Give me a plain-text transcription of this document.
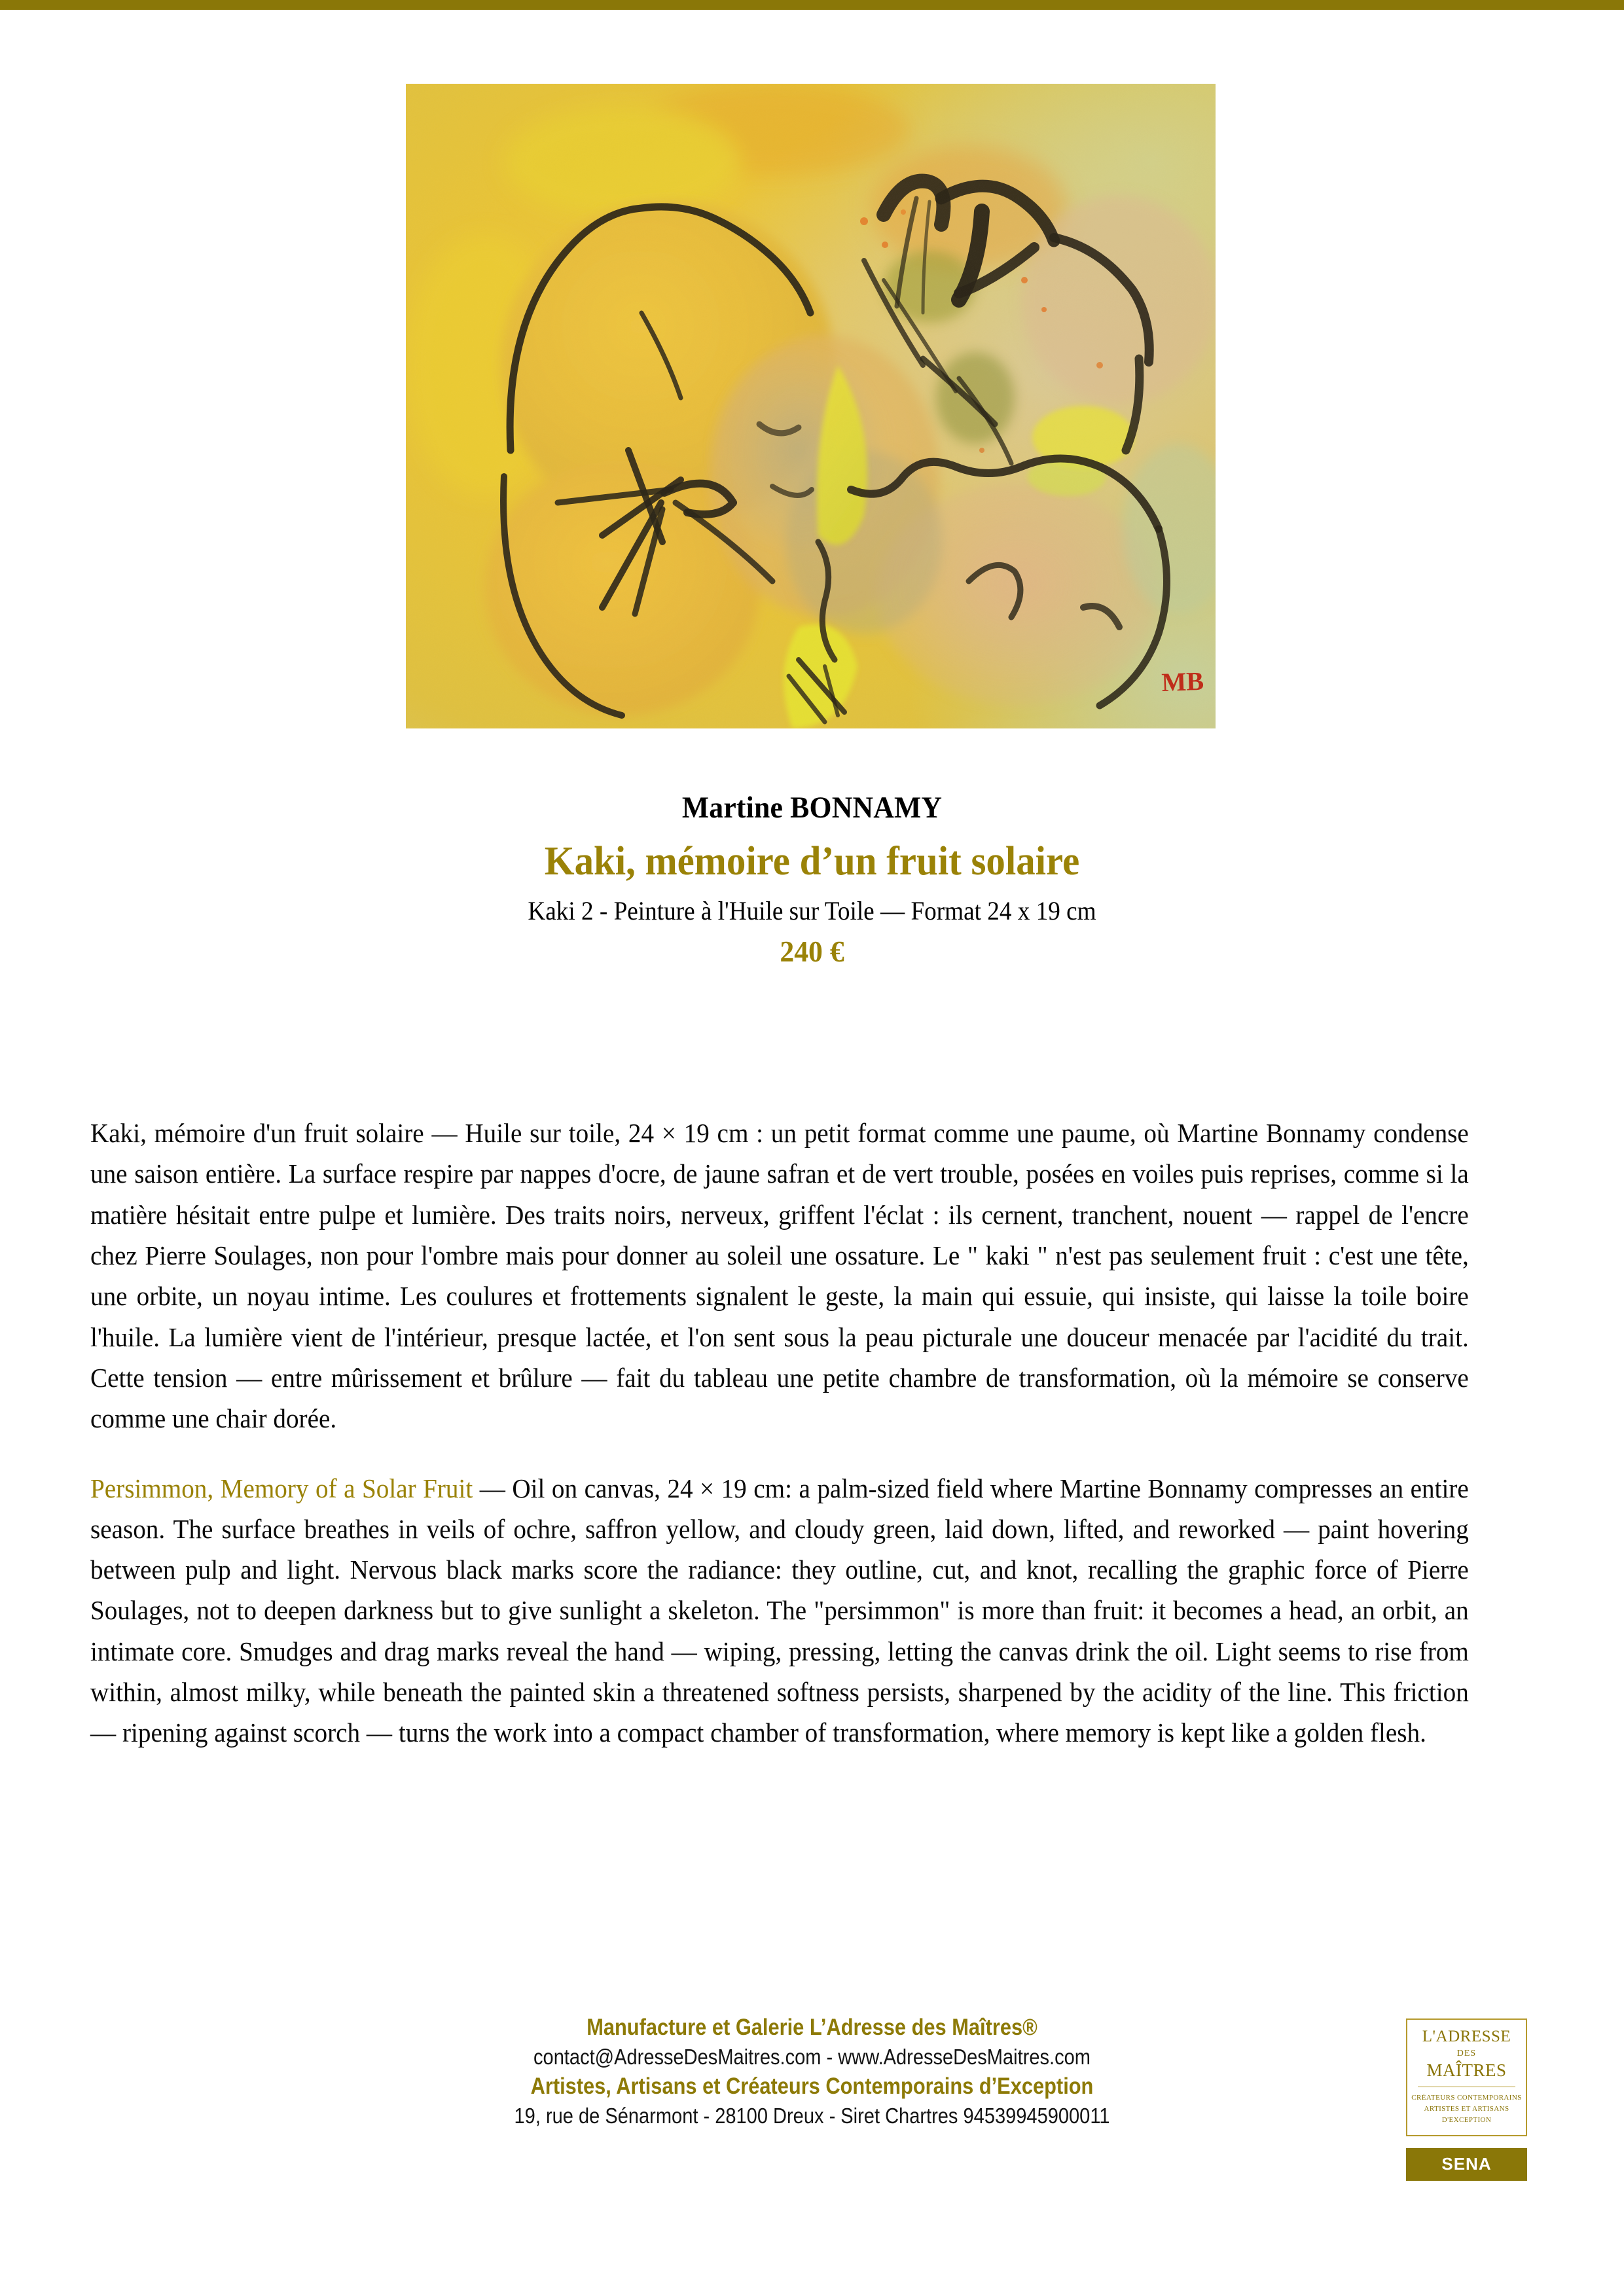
Martine BONNAMY
Kaki, mémoire d’un fruit solaire
Kaki 2 - Peinture à l'Huile sur Toile — Format 24 x 19 cm
240 €

Kaki, mémoire d'un fruit solaire — Huile sur toile, 24 × 19 cm : un petit format comme une paume, où Martine Bonnamy condense une saison entière. La surface respire par nappes d'ocre, de jaune safran et de vert trouble, posées en voiles puis reprises, comme si la matière hésitait entre pulpe et lumière. Des traits noirs, nerveux, griffent l'éclat : ils cernent, tranchent, nouent — rappel de l'encre chez Pierre Soulages, non pour l'ombre mais pour donner au soleil une ossature. Le " kaki " n'est pas seulement fruit : c'est une tête, une orbite, un noyau intime. Les coulures et frottements signalent le geste, la main qui essuie, qui insiste, qui laisse la toile boire l'huile. La lumière vient de l'intérieur, presque lactée, et l'on sent sous la peau picturale une douceur menacée par l'acidité du trait. Cette tension — entre mûrissement et brûlure — fait du tableau une petite chambre de transformation, où la mémoire se conserve comme une chair dorée.

Persimmon, Memory of a Solar Fruit — Oil on canvas, 24 × 19 cm: a palm-sized field where Martine Bonnamy compresses an entire season. The surface breathes in veils of ochre, saffron yellow, and cloudy green, laid down, lifted, and reworked — paint hovering between pulp and light. Nervous black marks score the radiance: they outline, cut, and knot, recalling the graphic force of Pierre Soulages, not to deepen darkness but to give sunlight a skeleton. The "persimmon" is more than fruit: it becomes a head, an orbit, an intimate core. Smudges and drag marks reveal the hand — wiping, pressing, letting the canvas drink the oil. Light seems to rise from within, almost milky, while beneath the painted skin a threatened softness persists, sharpened by the acidity of the line. This friction — ripening against scorch — turns the work into a compact chamber of transformation, where memory is kept like a golden flesh.

Manufacture et Galerie L’Adresse des Maîtres®
contact@AdresseDesMaitres.com - www.AdresseDesMaitres.com
Artistes, Artisans et Créateurs Contemporains d’Exception
19, rue de Sénarmont - 28100 Dreux - Siret Chartres 94539945900011
L'ADRESSE
DES
MAÎTRES
CRÉATEURS CONTEMPORAINS
ARTISTES ET ARTISANS
D'EXCEPTION
SENA
